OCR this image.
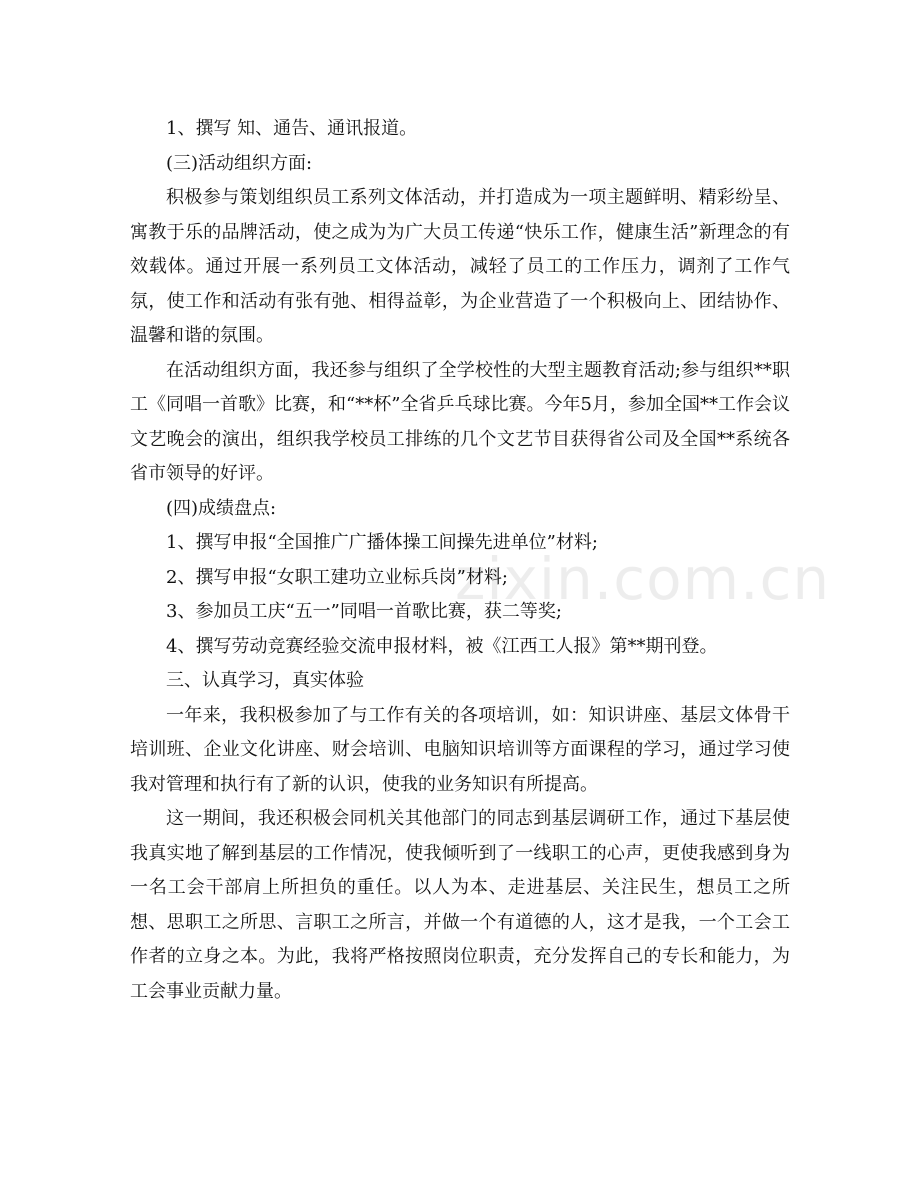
zixin.com.cn

1、撰写 知、通告、通讯报道。

(三)活动组织方面:

积极参与策划组织员工系列文体活动，并打造成为一项主题鲜明、精彩纷呈、寓教于乐的品牌活动，使之成为为广大员工传递“快乐工作，健康生活”新理念的有效载体。通过开展一系列员工文体活动，减轻了员工的工作压力，调剂了工作气氛，使工作和活动有张有弛、相得益彰，为企业营造了一个积极向上、团结协作、温馨和谐的氛围。

在活动组织方面，我还参与组织了全学校性的大型主题教育活动;参与组织**职工《同唱一首歌》比赛，和“**杯”全省乒乓球比赛。今年5月，参加全国**工作会议文艺晚会的演出，组织我学校员工排练的几个文艺节目获得省公司及全国**系统各省市领导的好评。

(四)成绩盘点:

1、撰写申报“全国推广广播体操工间操先进单位”材料;

2、撰写申报“女职工建功立业标兵岗”材料;

3、参加员工庆“五一”同唱一首歌比赛，获二等奖;

4、撰写劳动竞赛经验交流申报材料，被《江西工人报》第**期刊登。

三、认真学习，真实体验

一年来，我积极参加了与工作有关的各项培训，如：知识讲座、基层文体骨干培训班、企业文化讲座、财会培训、电脑知识培训等方面课程的学习，通过学习使我对管理和执行有了新的认识，使我的业务知识有所提高。

这一期间，我还积极会同机关其他部门的同志到基层调研工作，通过下基层使我真实地了解到基层的工作情况，使我倾听到了一线职工的心声，更使我感到身为一名工会干部肩上所担负的重任。以人为本、走进基层、关注民生，想员工之所想、思职工之所思、言职工之所言，并做一个有道德的人，这才是我，一个工会工作者的立身之本。为此，我将严格按照岗位职责，充分发挥自己的专长和能力，为工会事业贡献力量。
